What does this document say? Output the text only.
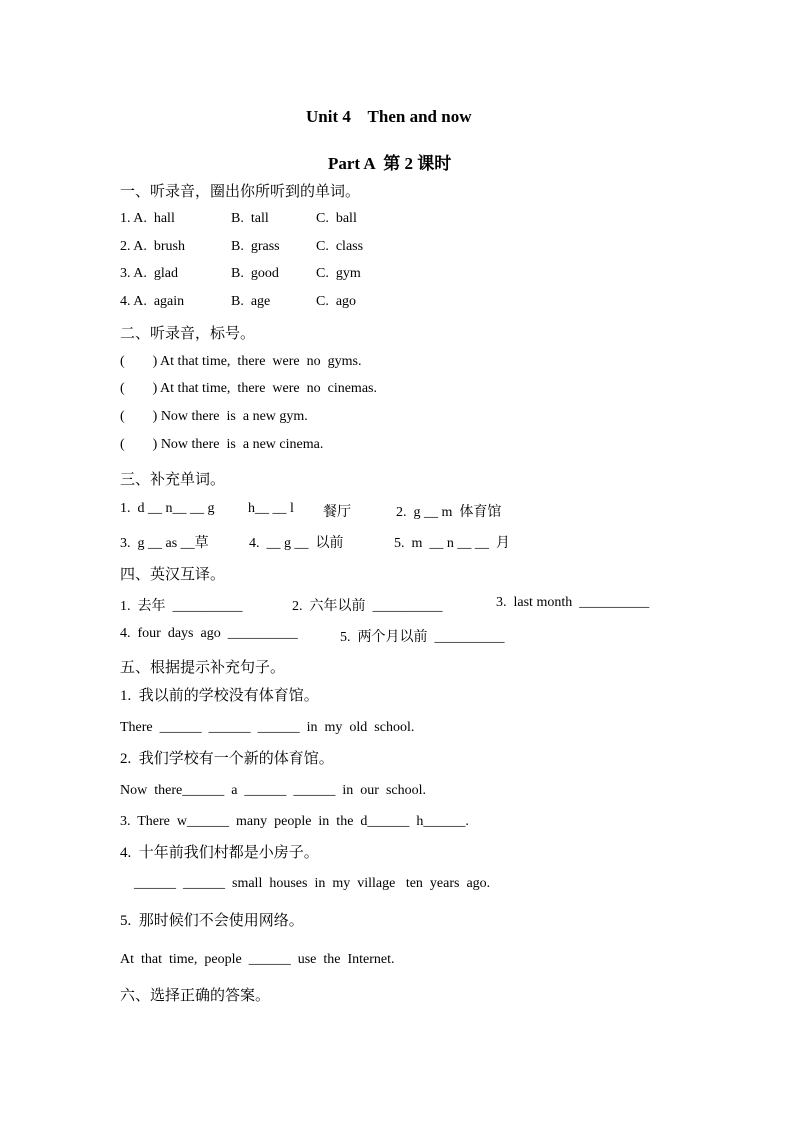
Unit 4    Then and now
Part A  第 2 课时
一、听录音，圈出你所听到的单词。
1. A.  hall	B.  tall	C.  ball
2. A.  brush	B.  grass	C.  class
3. A.  glad	B.  good	C.  gym
4. A.  again	B.  age	C.  ago
二、听录音，标号。
(        ) At that time,  there  were  no  gyms.
(        ) At that time,  there  were  no  cinemas.
(        ) Now there  is  a new gym.
(        ) Now there  is  a new cinema.
三、补充单词。
1.  d __ n__ __ g h__ __ l 餐厅	2.  g __ m  体育馆
3.  g __ as __草	4.  __ g __  以前	5.  m  __ n __ __  月
四、英汉互译。
1.  去年  __________	2.  六年以前  __________	3.  last month  __________
4.  four  days  ago  __________	5.  两个月以前  __________
五、根据提示补充句子。
1.  我以前的学校没有体育馆。
There  ______  ______  ______  in  my  old  school.
2.  我们学校有一个新的体育馆。
Now  there______  a  ______  ______  in  our  school.
3.  There  w______  many  people  in  the  d______  h______.
4.  十年前我们村都是小房子。
______  ______  small  houses  in  my  village   ten  years  ago.
5.  那时候们不会使用网络。
At  that  time,  people  ______  use  the  Internet.
六、选择正确的答案。
